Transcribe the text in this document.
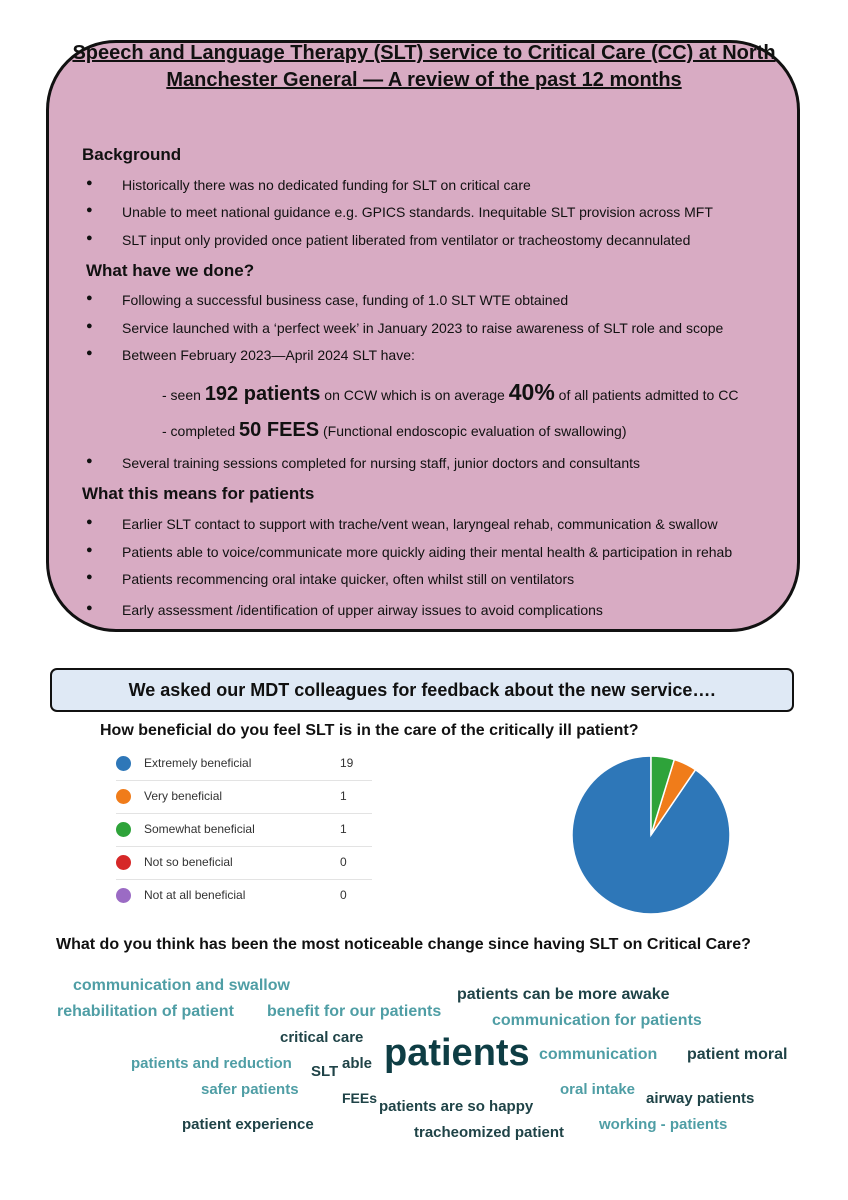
Speech and Language Therapy (SLT) service to Critical Care (CC) at North
Manchester General — A review of the past 12 months
Background
● Historically there was no dedicated funding for SLT on critical care
● Unable to meet national guidance e.g. GPICS standards. Inequitable SLT provision across MFT
● SLT input only provided once patient liberated from ventilator or tracheostomy decannulated
What have we done?
● Following a successful business case, funding of 1.0 SLT WTE obtained
● Service launched with a ‘perfect week’ in January 2023 to raise awareness of SLT role and scope
● Between February 2023—April 2024 SLT have:
- seen 192 patients on CCW which is on average 40% of all patients admitted to CC
- completed 50 FEES (Functional endoscopic evaluation of swallowing)
● Several training sessions completed for nursing staff, junior doctors and consultants
What this means for patients
● Earlier SLT contact to support with trache/vent wean, laryngeal rehab, communication & swallow
● Patients able to voice/communicate more quickly aiding their mental health & participation in rehab
● Patients recommencing oral intake quicker, often whilst still on ventilators
● Early assessment /identification of upper airway issues to avoid complications
We asked our MDT colleagues for feedback about the new service….
How beneficial do you feel SLT is in the care of the critically ill patient?
Extremely beneficial	19
Very beneficial	1
Somewhat beneficial	1
Not so beneficial	0
Not at all beneficial	0
What do you think has been the most noticeable change since having SLT on Critical Care?
communication and swallow
rehabilitation of patient benefit for our patients
patients can be more awake
communication for patients
critical care
patients and reduction SLT able patients communication patient moral
safer patients	oral intake
airway patients
FEEs patients are so happy
patient experience	tracheomized patient working - patients
